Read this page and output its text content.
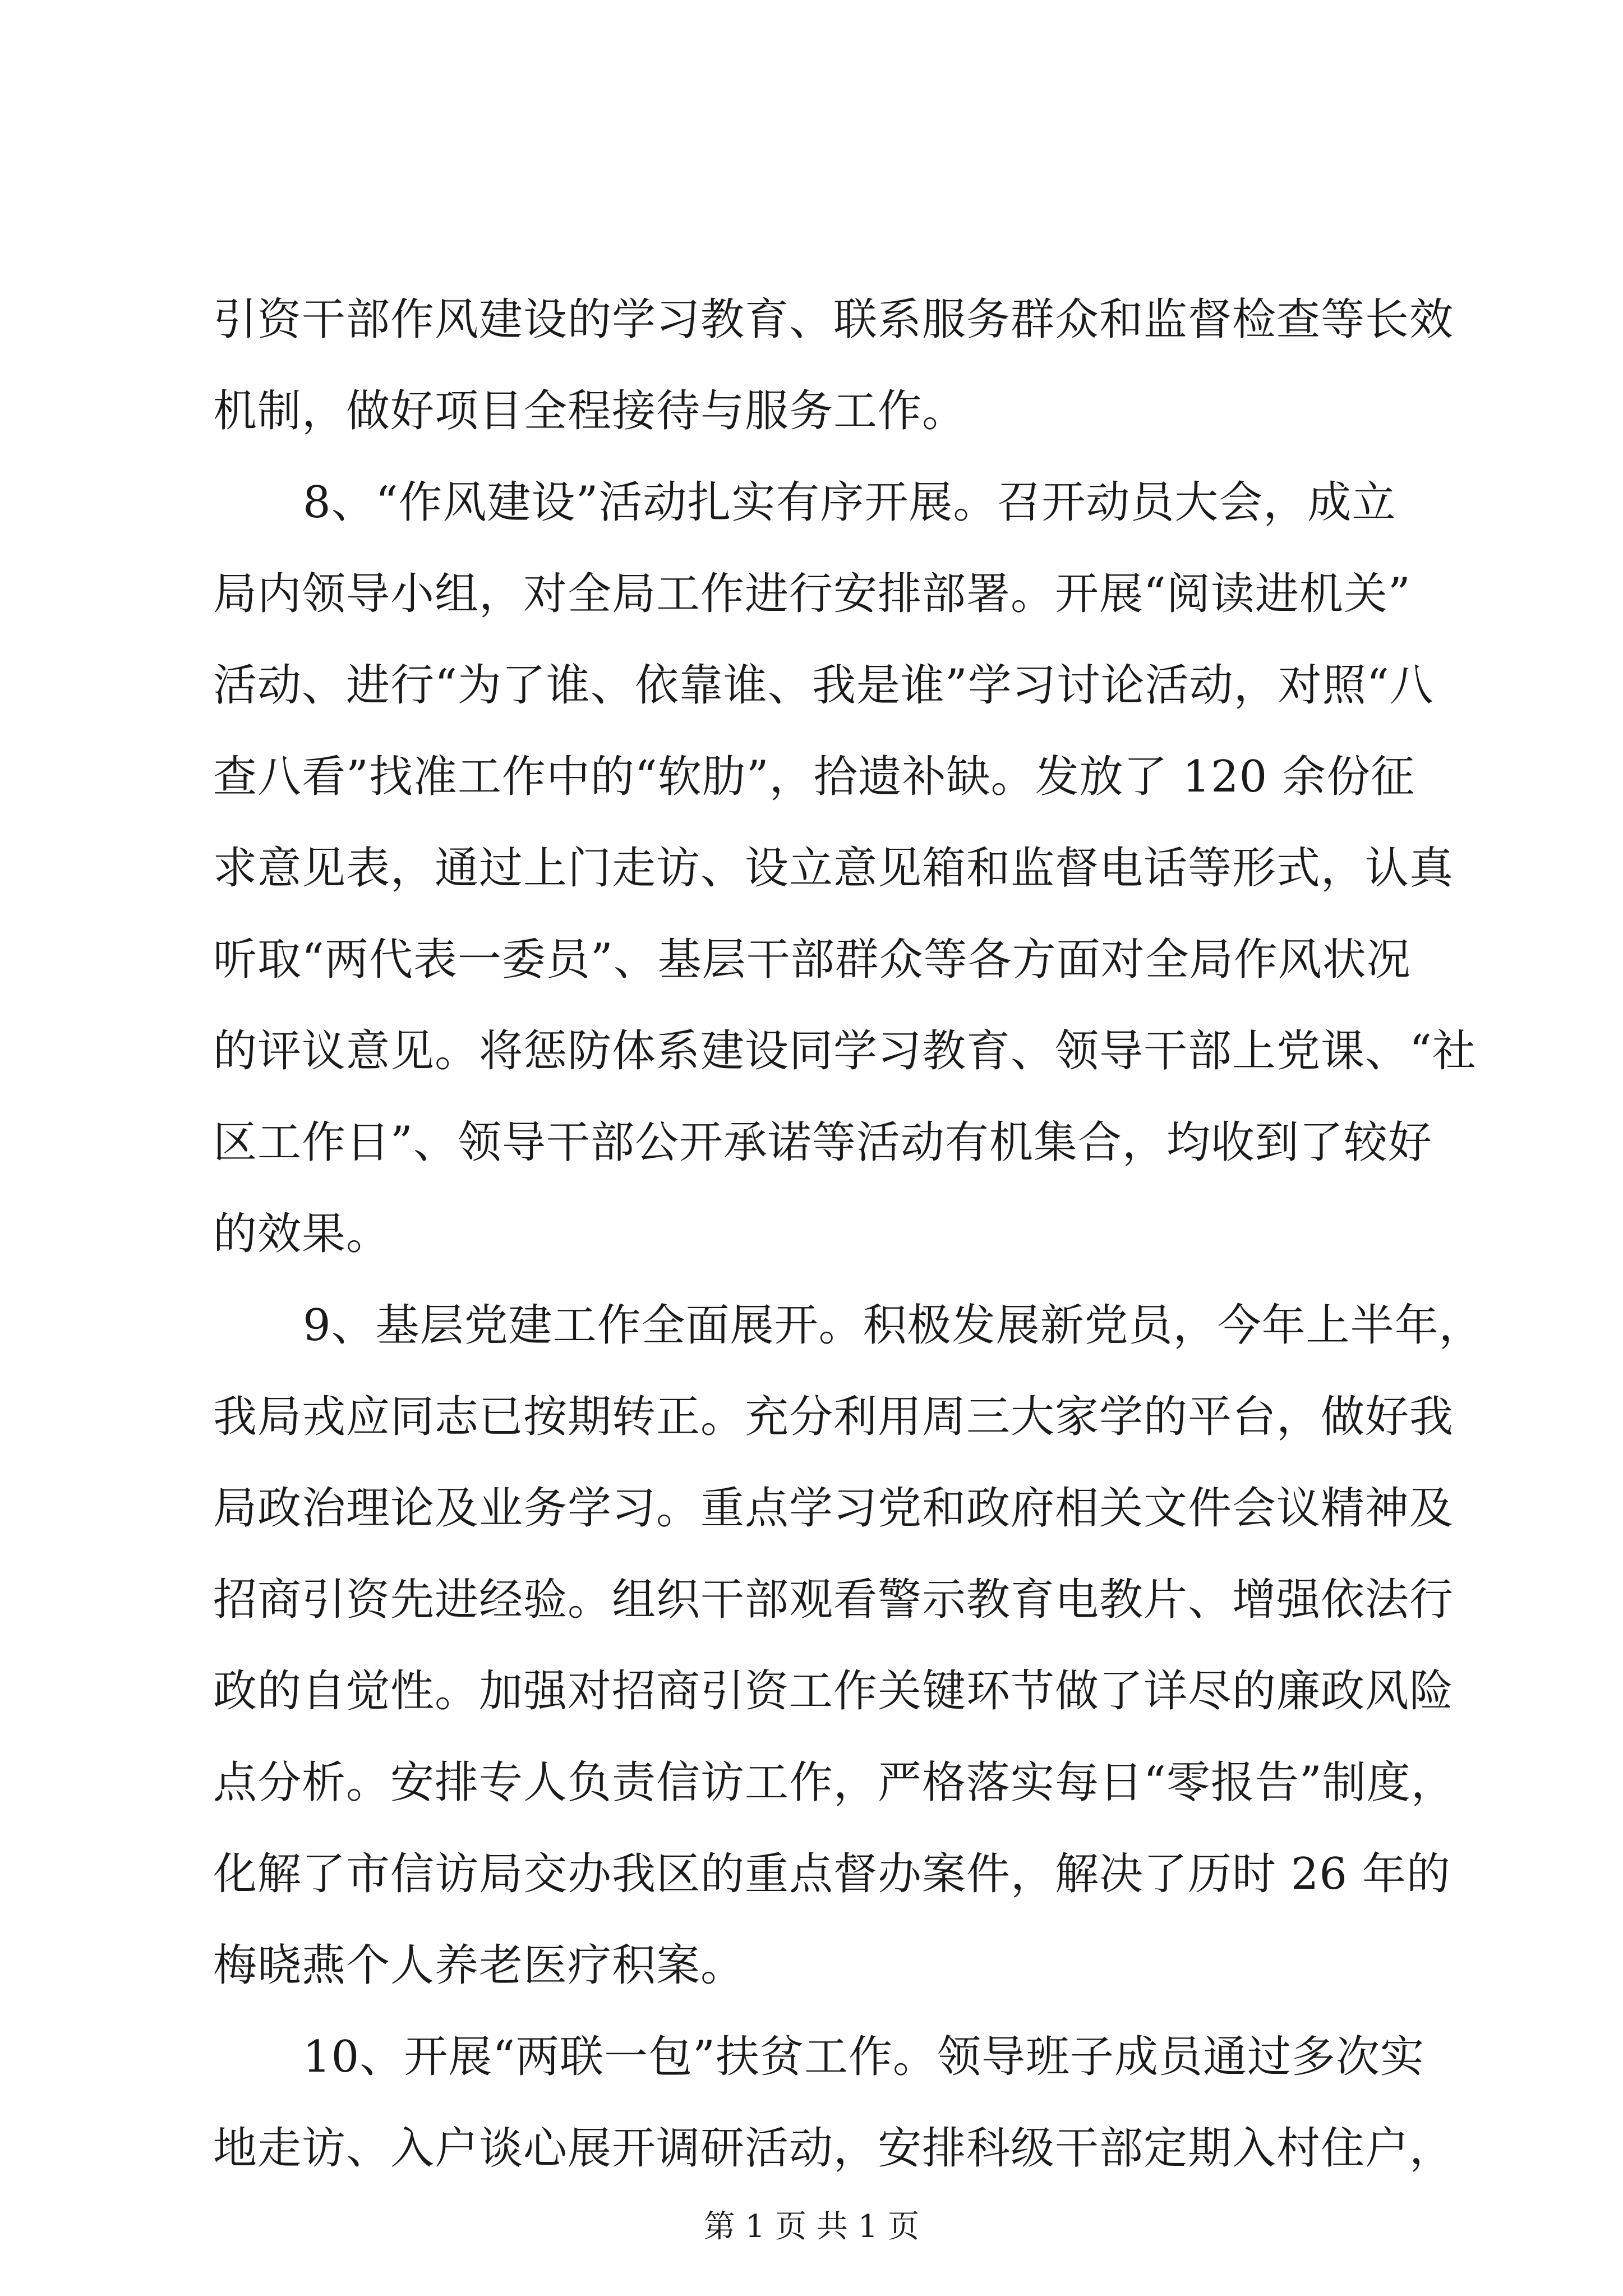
引资干部作风建设的学习教育、联系服务群众和监督检查等长效
机制，做好项目全程接待与服务工作。
8、“作风建设”活动扎实有序开展。召开动员大会，成立
局内领导小组，对全局工作进行安排部署。开展“阅读进机关”
活动、进行“为了谁、依靠谁、我是谁”学习讨论活动，对照“八
查八看”找准工作中的“软肋”，拾遗补缺。发放了 120 余份征
求意见表，通过上门走访、设立意见箱和监督电话等形式，认真
听取“两代表一委员”、基层干部群众等各方面对全局作风状况
的评议意见。将惩防体系建设同学习教育、领导干部上党课、“社
区工作日”、领导干部公开承诺等活动有机集合，均收到了较好
的效果。
9、基层党建工作全面展开。积极发展新党员，今年上半年，
我局戎应同志已按期转正。充分利用周三大家学的平台，做好我
局政治理论及业务学习。重点学习党和政府相关文件会议精神及
招商引资先进经验。组织干部观看警示教育电教片、增强依法行
政的自觉性。加强对招商引资工作关键环节做了详尽的廉政风险
点分析。安排专人负责信访工作，严格落实每日“零报告”制度，
化解了市信访局交办我区的重点督办案件，解决了历时 26 年的
梅晓燕个人养老医疗积案。
10、开展“两联一包”扶贫工作。领导班子成员通过多次实
地走访、入户谈心展开调研活动，安排科级干部定期入村住户，
第 1 页 共 1 页
